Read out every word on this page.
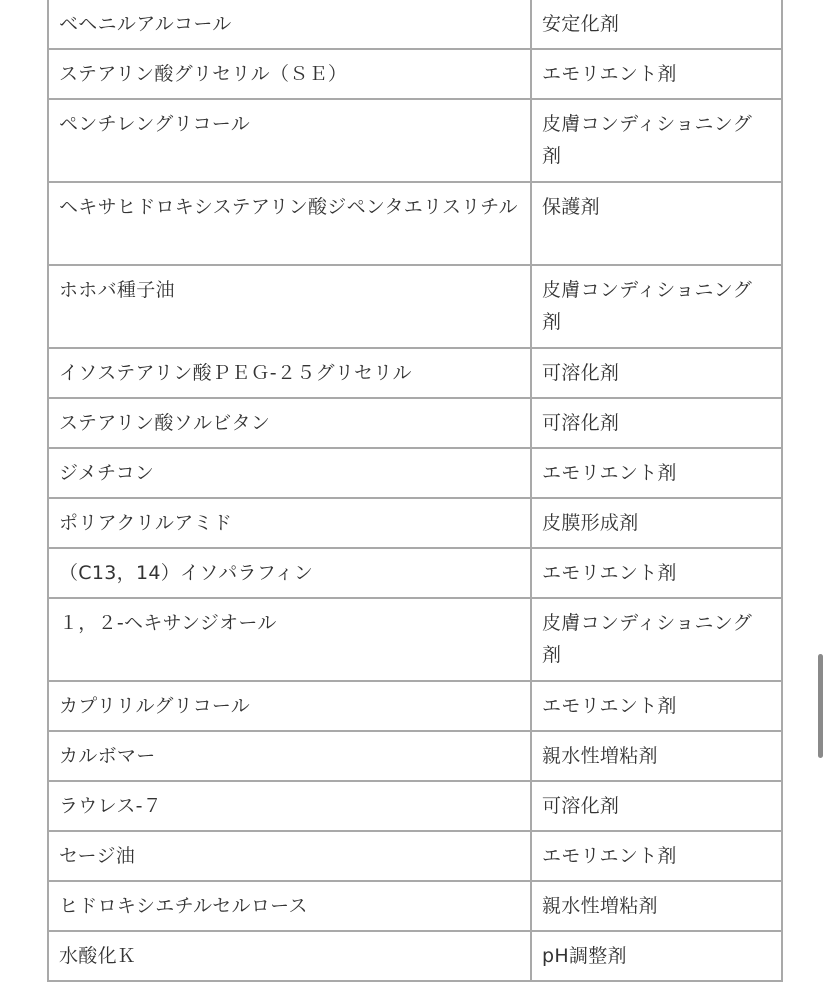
ベヘニルアルコール	安定化剤
ステアリン酸グリセリル（ＳＥ）	エモリエント剤
ペンチレングリコール	皮膚コンディショニング剤
ヘキサヒドロキシステアリン酸ジペンタエリスリチル	保護剤
ホホバ種子油	皮膚コンディショニング剤
イソステアリン酸ＰＥＧ-２５グリセリル	可溶化剤
ステアリン酸ソルビタン	可溶化剤
ジメチコン	エモリエント剤
ポリアクリルアミド	皮膜形成剤
（C13，14）イソパラフィン	エモリエント剤
１，２-ヘキサンジオール	皮膚コンディショニング剤
カプリリルグリコール	エモリエント剤
カルボマー	親水性増粘剤
ラウレス-７	可溶化剤
セージ油	エモリエント剤
ヒドロキシエチルセルロース	親水性増粘剤
水酸化Ｋ	pH調整剤
